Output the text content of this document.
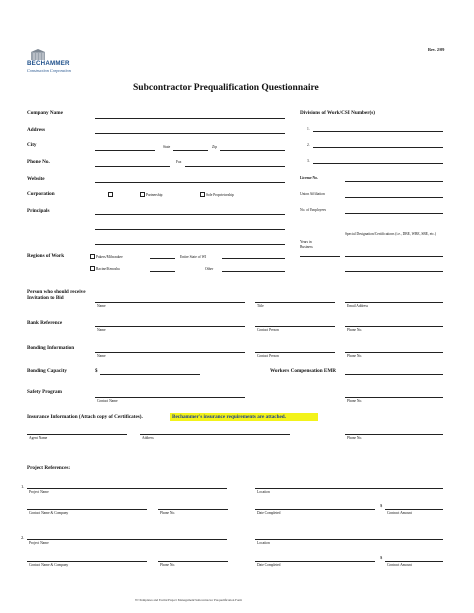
BECHAMMER
Construction Corporation
Rev. 2/09
Subcontractor Prequalification Questionnaire
Company Name
Address
City	State	Zip
Phone No.	Fax
Website
Corporation	Partnership	Sole Proprietorship
Principals
Regions of Work	Pakers/Milwaukee	Entire State of WI
Racine/Kenosha	Other
Divisions of Work/CSI Number(s)
1.
2.
3.
License No.
Union Affiliation
No. of Employees
Special Designation/Certifications (i.e., DBE, WBE, SBE, etc.)
Years in Business
Person who should receive Invitation to Bid
Name	Title	Email Address
Bank Reference
Name	Contact Person	Phone No.
Bonding Information
Name	Contact Person	Phone No.
Bonding Capacity	$	Workers Compensation EMR
Safety Program
Contact Name	Phone No.
Insurance Information (Attach copy of Certificates).	Bechammer's insurance requirements are attached.
Agent Name	Address	Phone No.
Project References:
1.
Project Name	Location
$
Contact Name & Company	Phone No.	Date Completed	Contract Amount
2.
Project Name	Location
$
Contact Name & Company	Phone No.	Date Completed	Contract Amount
W:\Templates and Forms\Project Management\Subcontractor Prequalification Form
